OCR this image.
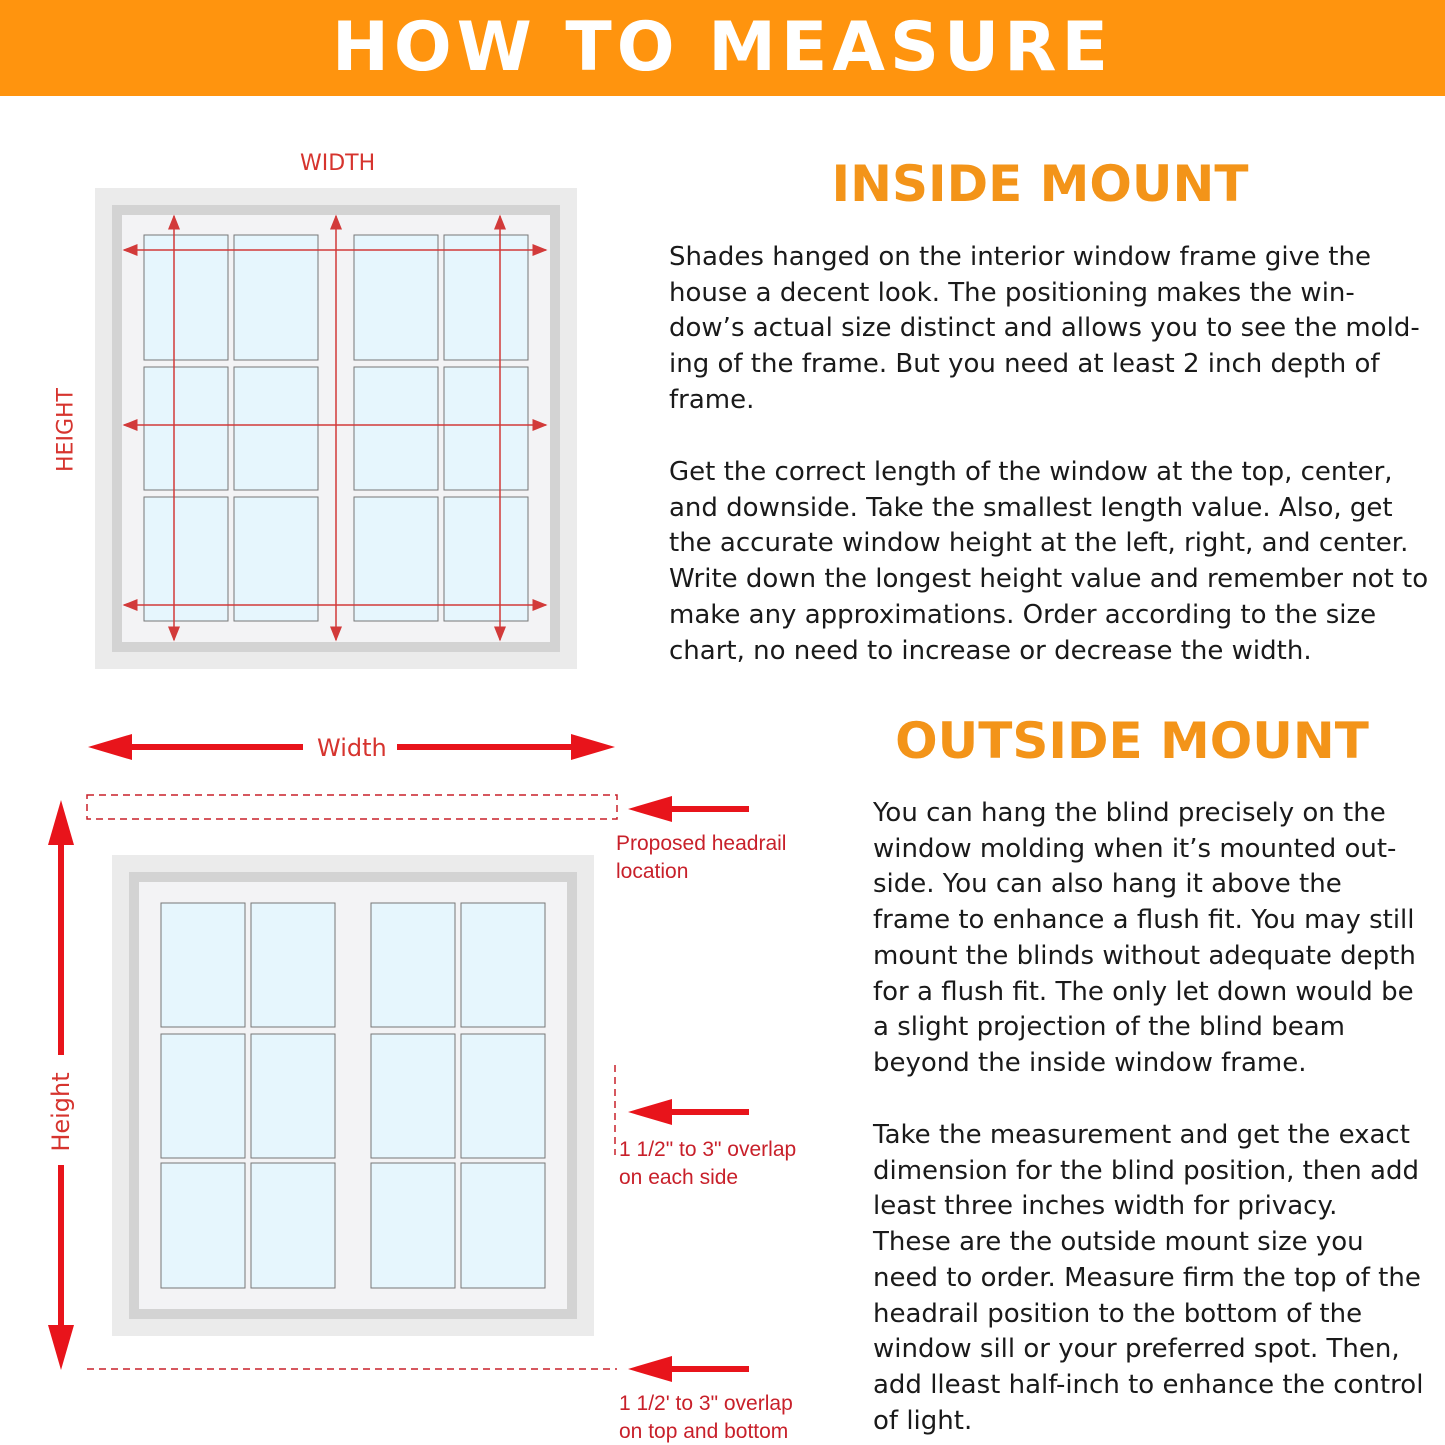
HOW TO MEASURE
WIDTH
HEIGHT
INSIDE MOUNT
Shades hanged on the interior window frame give the
house a decent look. The positioning makes the win-
dow’s actual size distinct and allows you to see the mold-
ing of the frame. But you need at least 2 inch depth of
frame.
Get the correct length of the window at the top, center,
and downside. Take the smallest length value. Also, get
the accurate window height at the left, right, and center.
Write down the longest height value and remember not to
make any approximations. Order according to the size
chart, no need to increase or decrease the width.
Width
Height
Proposed headrail
location
1 1/2" to 3" overlap
on each side
1 1/2' to 3" overlap
on top and bottom
OUTSIDE MOUNT
You can hang the blind precisely on the
window molding when it’s mounted out-
side. You can also hang it above the
frame to enhance a flush fit. You may still
mount the blinds without adequate depth
for a flush fit. The only let down would be
a slight projection of the blind beam
beyond the inside window frame.
Take the measurement and get the exact
dimension for the blind position, then add
least three inches width for privacy.
These are the outside mount size you
need to order. Measure firm the top of the
headrail position to the bottom of the
window sill or your preferred spot. Then,
add lleast half-inch to enhance the control
of light.
